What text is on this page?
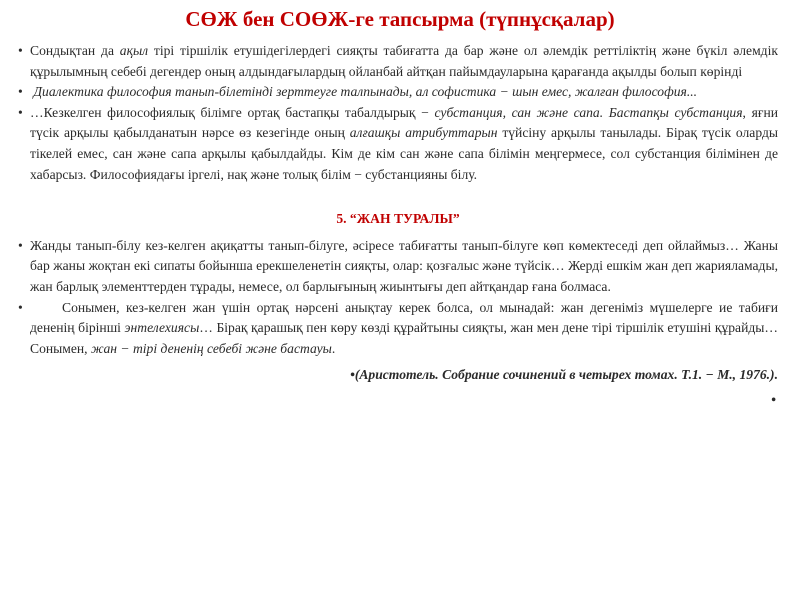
СӨЖ бен СОӨЖ-ге тапсырма (түпнұсқалар)

• Сондықтан да ақыл тірі тіршілік етушідегілердегі сияқты табиғатта да бар және ол әлемдік реттіліктің және бүкіл әлемдік құрылымның себебі дегендер оның алдындағылардың ойланбай айтқан пайымдауларына қарағанда ақылды болып көрінді

• Диалектика философия танып-білетінді зерттеуге талпынады, ал софистика − шын емес, жалған философия...

• …Кезкелген философиялық білімге ортақ бастапқы табалдырық − субстанция, сан және сапа. Бастапқы субстанция, яғни түсік арқылы қабылданатын нәрсе өз кезегінде оның алғашқы атрибуттарын түйсіну арқылы танылады. Бірақ түсік оларды тікелей емес, сан және сапа арқылы қабылдайды. Кім де кім сан және сапа білімін меңгермесе, сол субстанция білімінен де хабарсыз. Философиядағы іргелі, нақ және толық білім − субстанцияны білу.

5. “ЖАН ТУРАЛЫ”

• Жанды танып-білу кез-келген ақиқатты танып-білуге, әсіресе табиғатты танып-білуге көп көмектеседі деп ойлаймыз… Жаны бар жаны жоқтан екі сипаты бойынша ерекшеленетін сияқты, олар: қозғалыс және түйсік… Жерді ешкім жан деп жарияламады, жан барлық элементтерден тұрады, немесе, ол барлығының жиынтығы деп айтқандар ғана болмаса.

•	Сонымен, кез-келген жан үшін ортақ нәрсені анықтау керек болса, ол мынадай: жан дегеніміз мүшелерге ие табиғи дененің бірінші энтелехиясы… Бірақ қарашық пен көру көзді құрайтыны сияқты, жан мен дене тірі тіршілік етушіні құрайды… Сонымен, жан − тірі дененің себебі және бастауы.

•(Аристотель. Собрание сочинений в четырех томах. Т.1. − М., 1976.).
•
